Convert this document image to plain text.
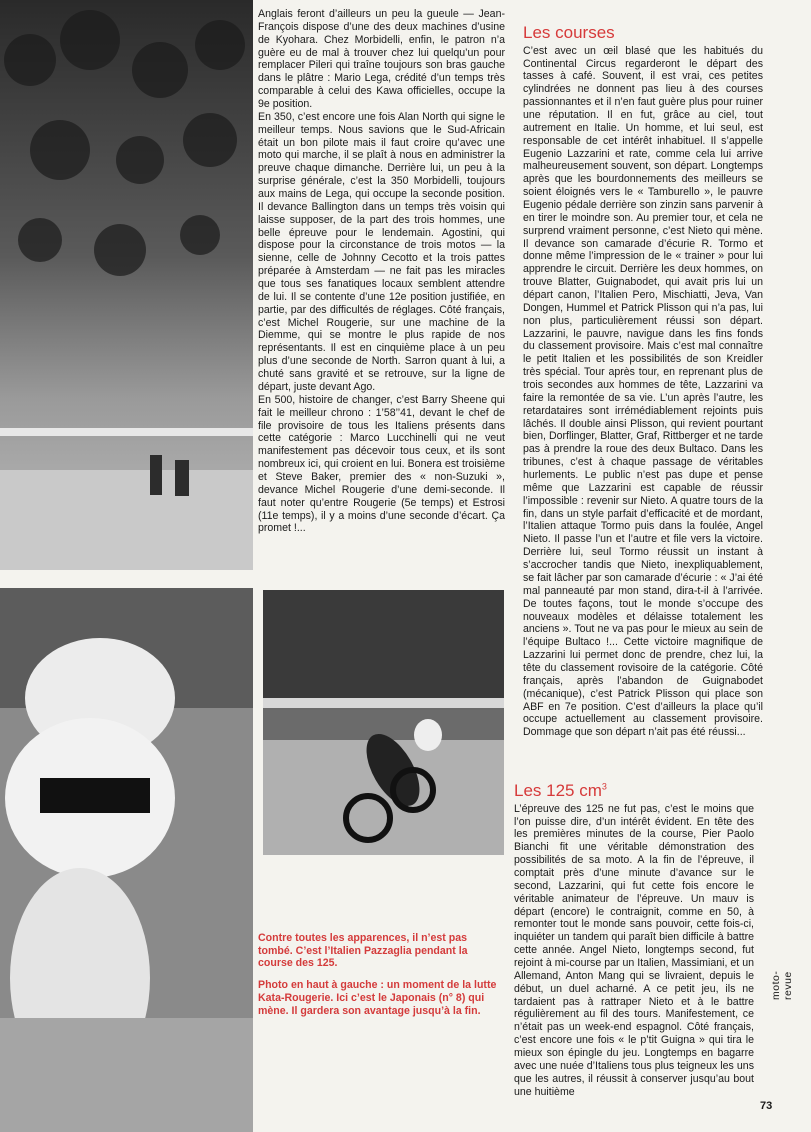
Anglais feront d’ailleurs un peu la gueule — Jean-François dispose d’une des deux machines d’usine de Kyohara. Chez Morbidelli, enfin, le patron n’a guère eu de mal à trouver chez lui quelqu’un pour remplacer Pileri qui traîne toujours son bras gauche dans le plâtre : Mario Lega, crédité d’un temps très comparable à celui des Kawa officielles, occupe la 9e position.

En 350, c’est encore une fois Alan North qui signe le meilleur temps. Nous savions que le Sud-Africain était un bon pilote mais il faut croire qu’avec une moto qui marche, il se plaît à nous en administrer la preuve chaque dimanche. Derrière lui, un peu à la surprise générale, c’est la 350 Morbidelli, toujours aux mains de Lega, qui occupe la seconde position. Il devance Ballington dans un temps très voisin qui laisse supposer, de la part des trois hommes, une belle épreuve pour le lendemain. Agostini, qui dispose pour la circonstance de trois motos — la sienne, celle de Johnny Cecotto et la trois pattes préparée à Amsterdam — ne fait pas les miracles que tous ses fanatiques locaux semblent attendre de lui. Il se contente d’une 12e position justifiée, en partie, par des difficultés de réglages. Côté français, c’est Michel Rougerie, sur une machine de la Diemme, qui se montre le plus rapide de nos représentants. Il est en cinquième place à un peu plus d’une seconde de North. Sarron quant à lui, a chuté sans gravité et se retrouve, sur la ligne de départ, juste devant Ago.

En 500, histoire de changer, c’est Barry Sheene qui fait le meilleur chrono : 1’58’’41, devant le chef de file provisoire de tous les Italiens présents dans cette catégorie : Marco Lucchinelli qui ne veut manifestement pas décevoir tous ceux, et ils sont nombreux ici, qui croient en lui. Bonera est troisième et Steve Baker, premier des « non-Suzuki », devance Michel Rougerie d’une demi-seconde. Il faut noter qu’entre Rougerie (5e temps) et Estrosi (11e temps), il y a moins d’une seconde d’écart. Ça promet !...

Les courses

C’est avec un œil blasé que les habitués du Continental Circus regarderont le départ des tasses à café. Souvent, il est vrai, ces petites cylindrées ne donnent pas lieu à des courses passionnantes et il n’en faut guère plus pour ruiner une réputation. Il en fut, grâce au ciel, tout autrement en Italie. Un homme, et lui seul, est responsable de cet intérêt inhabituel. Il s’appelle Eugenio Lazzarini et rate, comme cela lui arrive malheureusement souvent, son départ. Longtemps après que les bourdonnements des meilleurs se soient éloignés vers le « Tamburello », le pauvre Eugenio pédale derrière son zinzin sans parvenir à en tirer le moindre son. Au premier tour, et cela ne surprend vraiment personne, c’est Nieto qui mène. Il devance son camarade d’écurie R. Tormo et donne même l’impression de le « trainer » pour lui apprendre le circuit. Derrière les deux hommes, on trouve Blatter, Guignabodet, qui avait pris lui un départ canon, l’Italien Pero, Mischiatti, Jeva, Van Dongen, Hummel et Patrick Plisson qui n’a pas, lui non plus, particulièrement réussi son départ. Lazzarini, le pauvre, navigue dans les fins fonds du classement provisoire. Mais c’est mal connaître le petit Italien et les possibilités de son Kreidler très spécial. Tour après tour, en reprenant plus de trois secondes aux hommes de tête, Lazzarini va faire la remontée de sa vie. L’un après l’autre, les retardataires sont irrémédiablement rejoints puis lâchés. Il double ainsi Plisson, qui revient pourtant bien, Dorflinger, Blatter, Graf, Rittberger et ne tarde pas à prendre la roue des deux Bultaco. Dans les tribunes, c’est à chaque passage de véritables hurlements. Le public n’est pas dupe et pense même que Lazzarini est capable de réussir l’impossible : revenir sur Nieto. A quatre tours de la fin, dans un style parfait d’efficacité et de mordant, l’Italien attaque Tormo puis dans la foulée, Angel Nieto. Il passe l’un et l’autre et file vers la victoire. Derrière lui, seul Tormo réussit un instant à s’accrocher tandis que Nieto, inexpliquablement, se fait lâcher par son camarade d’écurie : « J’ai été mal panneauté par mon stand, dira-t-il à l’arrivée. De toutes façons, tout le monde s’occupe des nouveaux modèles et délaisse totalement les anciens ». Tout ne va pas pour le mieux au sein de l’équipe Bultaco !... Cette victoire magnifique de Lazzarini lui permet donc de prendre, chez lui, la tête du classement rovisoire de la catégorie. Côté français, après l’abandon de Guignabodet (mécanique), c’est Patrick Plisson qui place son ABF en 7e position. C’est d’ailleurs la place qu’il occupe actuellement au classement provisoire. Dommage que son départ n’ait pas été réussi...

Les 125 $cm^3$

L’épreuve des 125 ne fut pas, c’est le moins que l’on puisse dire, d’un intérêt évident. En tête des les premières minutes de la course, Pier Paolo Bianchi fit une véritable démonstration des possibilités de sa moto. A la fin de l’épreuve, il comptait près d’une minute d’avance sur le second, Lazzarini, qui fut cette fois encore le véritable animateur de l’épreuve. Un mauv is départ (encore) le contraignit, comme en 50, à remonter tout le monde sans pouvoir, cette fois-ci, inquiéter un tandem qui paraît bien difficile à battre cette année. Angel Nieto, longtemps second, fut rejoint à mi-course par un Italien, Massimiani, et un Allemand, Anton Mang qui se livraient, depuis le début, un duel acharné. A ce petit jeu, ils ne tardaient pas à rattraper Nieto et à le battre régulièrement au fil des tours. Manifestement, ce n’était pas un week-end espagnol. Côté français, c’est encore une fois « le p’tit Guigna » qui tira le mieux son épingle du jeu. Longtemps en bagarre avec une nuée d’Italiens tous plus teigneux les uns que les autres, il réussit à conserver jusqu’au bout une huitième

Contre toutes les apparences, il n’est pas tombé. C’est l’Italien Pazzaglia pendant la course des 125.

Photo en haut à gauche : un moment de la lutte Kata-Rougerie. Ici c’est le Japonais (n° 8) qui mène. Il gardera son avantage jusqu’à la fin.

moto-revue
73
